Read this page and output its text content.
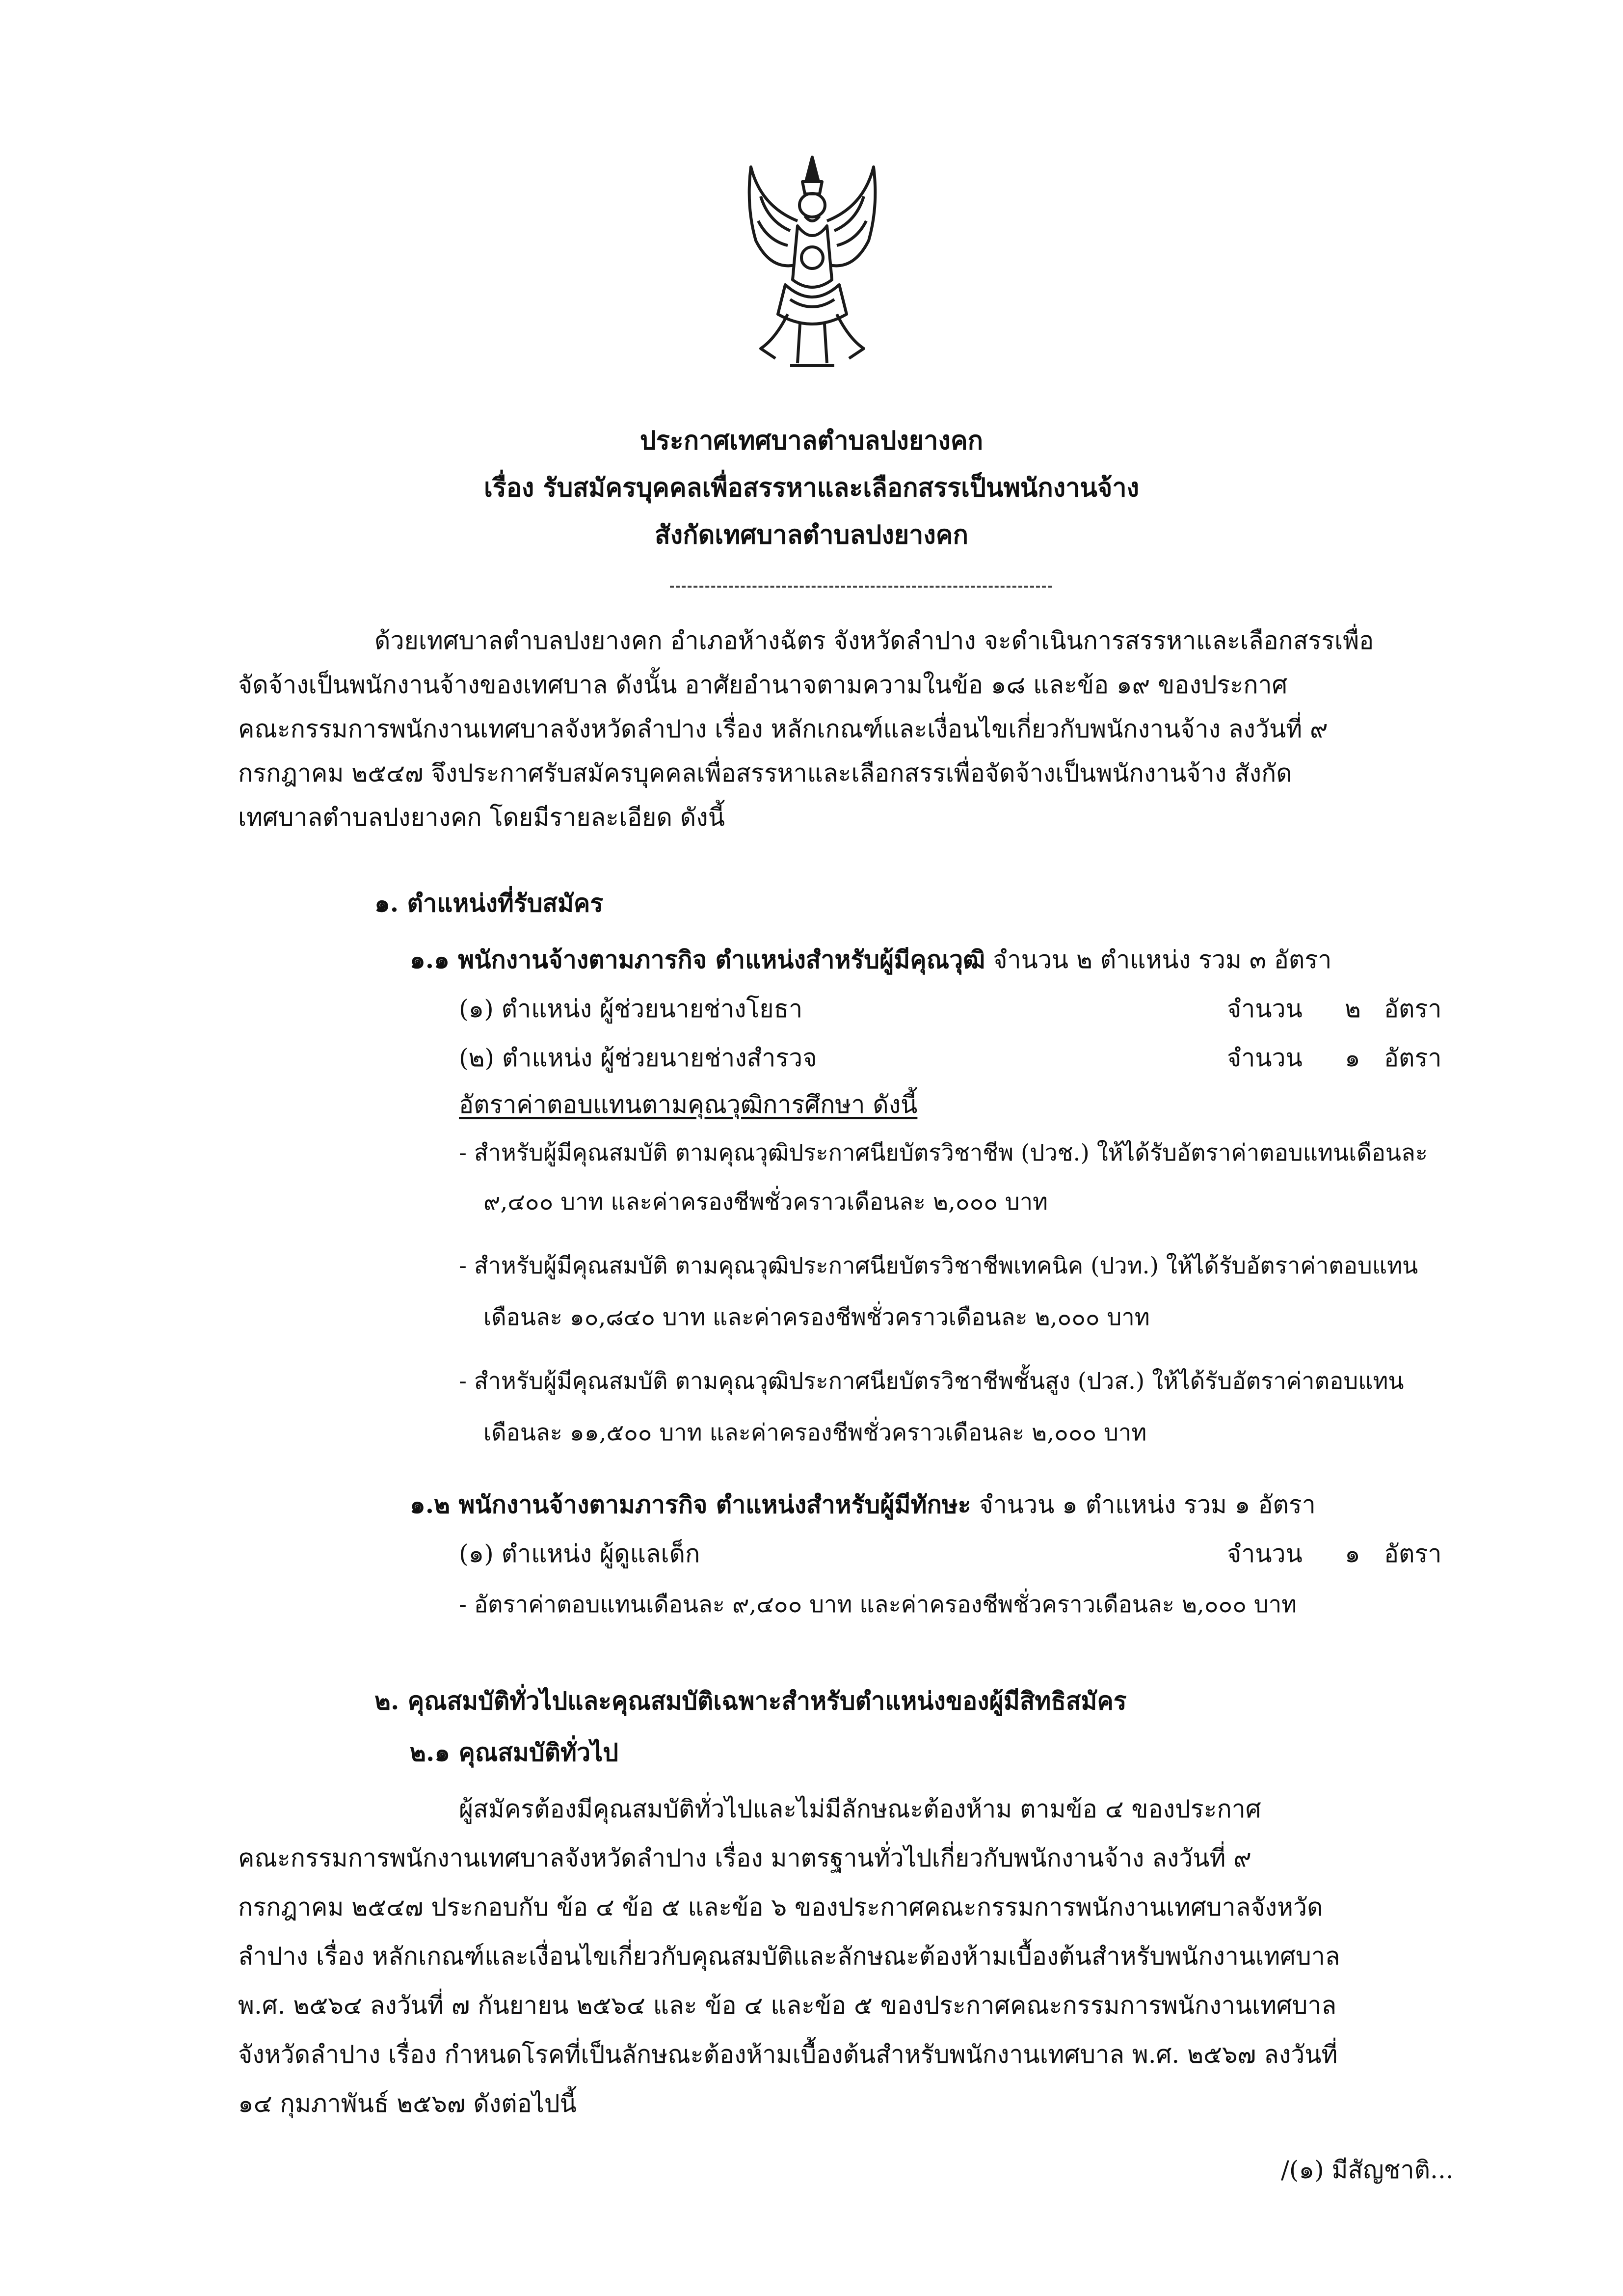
ประกาศเทศบาลตำบลปงยางคก
เรื่อง รับสมัครบุคคลเพื่อสรรหาและเลือกสรรเป็นพนักงานจ้าง
สังกัดเทศบาลตำบลปงยางคก
ด้วยเทศบาลตำบลปงยางคก อำเภอห้างฉัตร จังหวัดลำปาง จะดำเนินการสรรหาและเลือกสรรเพื่อ
จัดจ้างเป็นพนักงานจ้างของเทศบาล ดังนั้น อาศัยอำนาจตามความในข้อ ๑๘ และข้อ ๑๙ ของประกาศ
คณะกรรมการพนักงานเทศบาลจังหวัดลำปาง เรื่อง หลักเกณฑ์และเงื่อนไขเกี่ยวกับพนักงานจ้าง ลงวันที่ ๙
กรกฎาคม ๒๕๔๗ จึงประกาศรับสมัครบุคคลเพื่อสรรหาและเลือกสรรเพื่อจัดจ้างเป็นพนักงานจ้าง สังกัด
เทศบาลตำบลปงยางคก โดยมีรายละเอียด ดังนี้
๑. ตำแหน่งที่รับสมัคร
๑.๑ พนักงานจ้างตามภารกิจ ตำแหน่งสำหรับผู้มีคุณวุฒิ จำนวน ๒ ตำแหน่ง รวม ๓ อัตรา
(๑) ตำแหน่ง ผู้ช่วยนายช่างโยธา	จำนวน ๒ อัตรา
(๒) ตำแหน่ง ผู้ช่วยนายช่างสำรวจ	จำนวน ๑ อัตรา
อัตราค่าตอบแทนตามคุณวุฒิการศึกษา ดังนี้
- สำหรับผู้มีคุณสมบัติ ตามคุณวุฒิประกาศนียบัตรวิชาชีพ (ปวช.) ให้ได้รับอัตราค่าตอบแทนเดือนละ
๙,๔๐๐ บาท และค่าครองชีพชั่วคราวเดือนละ ๒,๐๐๐ บาท
- สำหรับผู้มีคุณสมบัติ ตามคุณวุฒิประกาศนียบัตรวิชาชีพเทคนิค (ปวท.) ให้ได้รับอัตราค่าตอบแทน
เดือนละ ๑๐,๘๔๐ บาท และค่าครองชีพชั่วคราวเดือนละ ๒,๐๐๐ บาท
- สำหรับผู้มีคุณสมบัติ ตามคุณวุฒิประกาศนียบัตรวิชาชีพชั้นสูง (ปวส.) ให้ได้รับอัตราค่าตอบแทน
เดือนละ ๑๑,๕๐๐ บาท และค่าครองชีพชั่วคราวเดือนละ ๒,๐๐๐ บาท
๑.๒ พนักงานจ้างตามภารกิจ ตำแหน่งสำหรับผู้มีทักษะ จำนวน ๑ ตำแหน่ง รวม ๑ อัตรา
(๑) ตำแหน่ง ผู้ดูแลเด็ก	จำนวน ๑ อัตรา
- อัตราค่าตอบแทนเดือนละ ๙,๔๐๐ บาท และค่าครองชีพชั่วคราวเดือนละ ๒,๐๐๐ บาท
๒. คุณสมบัติทั่วไปและคุณสมบัติเฉพาะสำหรับตำแหน่งของผู้มีสิทธิสมัคร
๒.๑ คุณสมบัติทั่วไป
ผู้สมัครต้องมีคุณสมบัติทั่วไปและไม่มีลักษณะต้องห้าม ตามข้อ ๔ ของประกาศ
คณะกรรมการพนักงานเทศบาลจังหวัดลำปาง เรื่อง มาตรฐานทั่วไปเกี่ยวกับพนักงานจ้าง ลงวันที่ ๙
กรกฎาคม ๒๕๔๗ ประกอบกับ ข้อ ๔ ข้อ ๕ และข้อ ๖ ของประกาศคณะกรรมการพนักงานเทศบาลจังหวัด
ลำปาง เรื่อง หลักเกณฑ์และเงื่อนไขเกี่ยวกับคุณสมบัติและลักษณะต้องห้ามเบื้องต้นสำหรับพนักงานเทศบาล
พ.ศ. ๒๕๖๔ ลงวันที่ ๗ กันยายน ๒๕๖๔ และ ข้อ ๔ และข้อ ๕ ของประกาศคณะกรรมการพนักงานเทศบาล
จังหวัดลำปาง เรื่อง กำหนดโรคที่เป็นลักษณะต้องห้ามเบื้องต้นสำหรับพนักงานเทศบาล พ.ศ. ๒๕๖๗ ลงวันที่
๑๔ กุมภาพันธ์ ๒๕๖๗ ดังต่อไปนี้
/(๑) มีสัญชาติ...
